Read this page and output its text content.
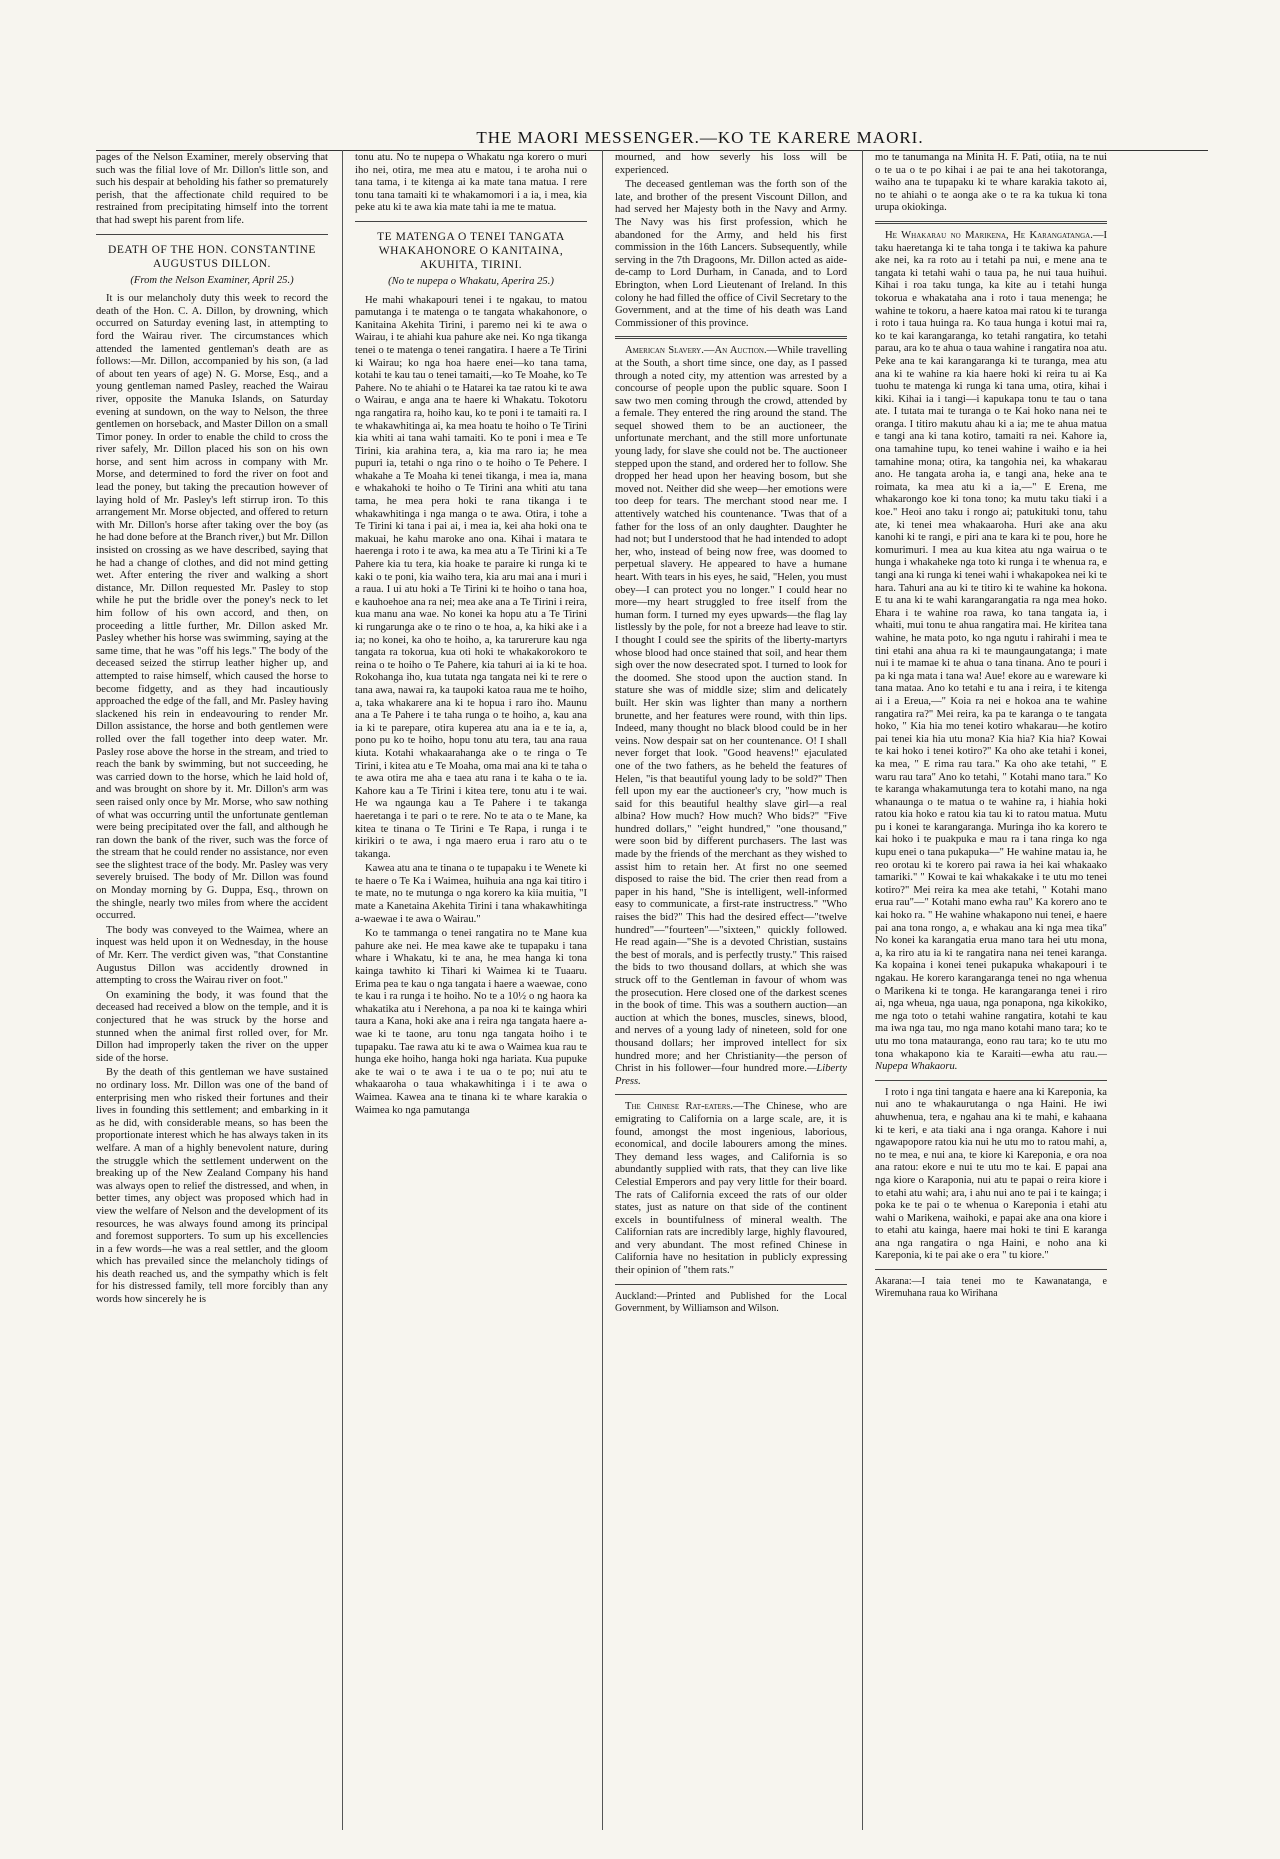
THE MAORI MESSENGER.—KO TE KARERE MAORI.

pages of the Nelson Examiner, merely observing that such was the filial love of Mr. Dillon's little son, and such his despair at beholding his father so prematurely perish, that the affectionate child required to be restrained from precipitating himself into the torrent that had swept his parent from life.

DEATH OF THE HON. CONSTANTINE AUGUSTUS DILLON.
(From the Nelson Examiner, April 25.)

It is our melancholy duty this week to record the death of the Hon. C. A. Dillon, by drowning, which occurred on Saturday evening last, in attempting to ford the Wairau river. The circumstances which attended the lamented gentleman's death are as follows:—Mr. Dillon, accompanied by his son, (a lad of about ten years of age) N. G. Morse, Esq., and a young gentleman named Pasley, reached the Wairau river, opposite the Manuka Islands, on Saturday evening at sundown, on the way to Nelson, the three gentlemen on horseback, and Master Dillon on a small Timor poney. In order to enable the child to cross the river safely, Mr. Dillon placed his son on his own horse, and sent him across in company with Mr. Morse, and determined to ford the river on foot and lead the poney, but taking the precaution however of laying hold of Mr. Pasley's left stirrup iron. To this arrangement Mr. Morse objected, and offered to return with Mr. Dillon's horse after taking over the boy (as he had done before at the Branch river,) but Mr. Dillon insisted on crossing as we have described, saying that he had a change of clothes, and did not mind getting wet. After entering the river and walking a short distance, Mr. Dillon requested Mr. Pasley to stop while he put the bridle over the poney's neck to let him follow of his own accord, and then, on proceeding a little further, Mr. Dillon asked Mr. Pasley whether his horse was swimming, saying at the same time, that he was "off his legs." The body of the deceased seized the stirrup leather higher up, and attempted to raise himself, which caused the horse to become fidgetty, and as they had incautiously approached the edge of the fall, and Mr. Pasley having slackened his rein in endeavouring to render Mr. Dillon assistance, the horse and both gentlemen were rolled over the fall together into deep water. Mr. Pasley rose above the horse in the stream, and tried to reach the bank by swimming, but not succeeding, he was carried down to the horse, which he laid hold of, and was brought on shore by it. Mr. Dillon's arm was seen raised only once by Mr. Morse, who saw nothing of what was occurring until the unfortunate gentleman were being precipitated over the fall, and although he ran down the bank of the river, such was the force of the stream that he could render no assistance, nor even see the slightest trace of the body. Mr. Pasley was very severely bruised. The body of Mr. Dillon was found on Monday morning by G. Duppa, Esq., thrown on the shingle, nearly two miles from where the accident occurred.

The body was conveyed to the Waimea, where an inquest was held upon it on Wednesday, in the house of Mr. Kerr. The verdict given was, "that Constantine Augustus Dillon was accidently drowned in attempting to cross the Wairau river on foot."

On examining the body, it was found that the deceased had received a blow on the temple, and it is conjectured that he was struck by the horse and stunned when the animal first rolled over, for Mr. Dillon had improperly taken the river on the upper side of the horse.

By the death of this gentleman we have sustained no ordinary loss. Mr. Dillon was one of the band of enterprising men who risked their fortunes and their lives in founding this settlement; and embarking in it as he did, with considerable means, so has been the proportionate interest which he has always taken in its welfare. A man of a highly benevolent nature, during the struggle which the settlement underwent on the breaking up of the New Zealand Company his hand was always open to relief the distressed, and when, in better times, any object was proposed which had in view the welfare of Nelson and the development of its resources, he was always found among its principal and foremost supporters. To sum up his excellencies in a few words—he was a real settler, and the gloom which has prevailed since the melancholy tidings of his death reached us, and the sympathy which is felt for his distressed family, tell more forcibly than any words how sincerely he is

tonu atu. No te nupepa o Whakatu nga korero o muri iho nei, otira, me mea atu e matou, i te aroha nui o tana tama, i te kitenga ai ka mate tana matua. I rere tonu tana tamaiti ki te whakamomori i a ia, i mea, kia peke atu ki te awa kia mate tahi ia me te matua.

TE MATENGA O TENEI TANGATA WHAKAHONORE O KANITAINA, AKUHITA, TIRINI.
(No te nupepa o Whakatu, Aperira 25.)

He mahi whakapouri tenei i te ngakau, to matou pamutanga i te matenga o te tangata whakahonore, o Kanitaina Akehita Tirini, i paremo nei ki te awa o Wairau, i te ahiahi kua pahure ake nei. Ko nga tikanga tenei o te matenga o tenei rangatira. I haere a Te Tirini ki Wairau; ko nga hoa haere enei—ko tana tama, kotahi te kau tau o tenei tamaiti,—ko Te Moahe, ko Te Pahere. No te ahiahi o te Hatarei ka tae ratou ki te awa o Wairau, e anga ana te haere ki Whakatu. Tokotoru nga rangatira ra, hoiho kau, ko te poni i te tamaiti ra. I te whakawhitinga ai, ka mea hoatu te hoiho o Te Tirini kia whiti ai tana wahi tamaiti. Ko te poni i mea e Te Tirini, kia arahina tera, a, kia ma raro ia; he mea pupuri ia, tetahi o nga rino o te hoiho o Te Pehere. I whakahe a Te Moaha ki tenei tikanga, i mea ia, mana e whakahoki te hoiho o Te Tirini ana whiti atu tana tama, he mea pera hoki te rana tikanga i te whakawhitinga i nga manga o te awa. Otira, i tohe a Te Tirini ki tana i pai ai, i mea ia, kei aha hoki ona te makuai, he kahu maroke ano ona. Kihai i matara te haerenga i roto i te awa, ka mea atu a Te Tirini ki a Te Pahere kia tu tera, kia hoake te paraire ki runga ki te kaki o te poni, kia waiho tera, kia aru mai ana i muri i a raua. I ui atu hoki a Te Tirini ki te hoiho o tana hoa, e kauhoehoe ana ra nei; mea ake ana a Te Tirini i reira, kua manu ana wae. No konei ka hopu atu a Te Tirini ki rungarunga ake o te rino o te hoa, a, ka hiki ake i a ia; no konei, ka oho te hoiho, a, ka tarurerure kau nga tangata ra tokorua, kua oti hoki te whakakorokoro te reina o te hoiho o Te Pahere, kia tahuri ai ia ki te hoa. Rokohanga iho, kua tutata nga tangata nei ki te rere o tana awa, nawai ra, ka taupoki katoa raua me te hoiho, a, taka whakarere ana ki te hopua i raro iho. Maunu ana a Te Pahere i te taha runga o te hoiho, a, kau ana ia ki te parepare, otira kuperea atu ana ia e te ia, a, pono pu ko te hoiho, hopu tonu atu tera, tau ana raua kiuta. Kotahi whakaarahanga ake o te ringa o Te Tirini, i kitea atu e Te Moaha, oma mai ana ki te taha o te awa otira me aha e taea atu rana i te kaha o te ia. Kahore kau a Te Tirini i kitea tere, tonu atu i te wai. He wa ngaunga kau a Te Pahere i te takanga haeretanga i te pari o te rere. No te ata o te Mane, ka kitea te tinana o Te Tirini e Te Rapa, i runga i te kirikiri o te awa, i nga maero erua i raro atu o te takanga.

Kawea atu ana te tinana o te tupapaku i te Wenete ki te haere o Te Ka i Waimea, huihuia ana nga kai titiro i te mate, no te mutunga o nga korero ka kiia muitia, "I mate a Kanetaina Akehita Tirini i tana whakawhitinga a-waewae i te awa o Wairau."

Ko te tammanga o tenei rangatira no te Mane kua pahure ake nei. He mea kawe ake te tupapaku i tana whare i Whakatu, ki te ana, he mea hanga ki tona kainga tawhito ki Tihari ki Waimea ki te Tuaaru. Erima pea te kau o nga tangata i haere a waewae, cono te kau i ra runga i te hoiho. No te a 10½ o ng haora ka whakatika atu i Nerehona, a pa noa ki te kainga whiri taura a Kana, hoki ake ana i reira nga tangata haere a-wae ki te taone, aru tonu nga tangata hoiho i te tupapaku. Tae rawa atu ki te awa o Waimea kua rau te hunga eke hoiho, hanga hoki nga hariata. Kua pupuke ake te wai o te awa i te ua o te po; nui atu te whakaaroha o taua whakawhitinga i i te awa o Waimea. Kawea ana te tinana ki te whare karakia o Waimea ko nga pamutanga

mourned, and how severly his loss will be experienced.

The deceased gentleman was the forth son of the late, and brother of the present Viscount Dillon, and had served her Majesty both in the Navy and Army. The Navy was his first profession, which he abandoned for the Army, and held his first commission in the 16th Lancers. Subsequently, while serving in the 7th Dragoons, Mr. Dillon acted as aide-de-camp to Lord Durham, in Canada, and to Lord Ebrington, when Lord Lieutenant of Ireland. In this colony he had filled the office of Civil Secretary to the Government, and at the time of his death was Land Commissioner of this province.

American Slavery.—An Auction.—While travelling at the South, a short time since, one day, as I passed through a noted city, my attention was arrested by a concourse of people upon the public square. Soon I saw two men coming through the crowd, attended by a female. They entered the ring around the stand. The sequel showed them to be an auctioneer, the unfortunate merchant, and the still more unfortunate young lady, for slave she could not be. The auctioneer stepped upon the stand, and ordered her to follow. She dropped her head upon her heaving bosom, but she moved not. Neither did she weep—her emotions were too deep for tears. The merchant stood near me. I attentively watched his countenance. 'Twas that of a father for the loss of an only daughter. Daughter he had not; but I understood that he had intended to adopt her, who, instead of being now free, was doomed to perpetual slavery. He appeared to have a humane heart. With tears in his eyes, he said, "Helen, you must obey—I can protect you no longer." I could hear no more—my heart struggled to free itself from the human form. I turned my eyes upwards—the flag lay listlessly by the pole, for not a breeze had leave to stir. I thought I could see the spirits of the liberty-martyrs whose blood had once stained that soil, and hear them sigh over the now desecrated spot. I turned to look for the doomed. She stood upon the auction stand. In stature she was of middle size; slim and delicately built. Her skin was lighter than many a northern brunette, and her features were round, with thin lips. Indeed, many thought no black blood could be in her veins. Now despair sat on her countenance. O! I shall never forget that look. "Good heavens!" ejaculated one of the two fathers, as he beheld the features of Helen, "is that beautiful young lady to be sold?" Then fell upon my ear the auctioneer's cry, "how much is said for this beautiful healthy slave girl—a real albina? How much? How much? Who bids?" "Five hundred dollars," "eight hundred," "one thousand," were soon bid by different purchasers. The last was made by the friends of the merchant as they wished to assist him to retain her. At first no one seemed disposed to raise the bid. The crier then read from a paper in his hand, "She is intelligent, well-informed easy to communicate, a first-rate instructress." "Who raises the bid?" This had the desired effect—"twelve hundred"—"fourteen"—"sixteen," quickly followed. He read again—"She is a devoted Christian, sustains the best of morals, and is perfectly trusty." This raised the bids to two thousand dollars, at which she was struck off to the Gentleman in favour of whom was the prosecution. Here closed one of the darkest scenes in the book of time. This was a southern auction—an auction at which the bones, muscles, sinews, blood, and nerves of a young lady of nineteen, sold for one thousand dollars; her improved intellect for six hundred more; and her Christianity—the person of Christ in his follower—four hundred more.—Liberty Press.

The Chinese Rat-eaters.—The Chinese, who are emigrating to California on a large scale, are, it is found, amongst the most ingenious, laborious, economical, and docile labourers among the mines. They demand less wages, and California is so abundantly supplied with rats, that they can live like Celestial Emperors and pay very little for their board. The rats of California exceed the rats of our older states, just as nature on that side of the continent excels in bountifulness of mineral wealth. The Californian rats are incredibly large, highly flavoured, and very abundant. The most refined Chinese in California have no hesitation in publicly expressing their opinion of "them rats."

Auckland:—Printed and Published for the Local Government, by Williamson and Wilson.

mo te tanumanga na Minita H. F. Pati, otiia, na te nui o te ua o te po kihai i ae pai te ana hei takotoranga, waiho ana te tupapaku ki te whare karakia takoto ai, no te ahiahi o te aonga ake o te ra ka tukua ki tona urupa okiokinga.

He Whakarau no Marikena, He Karangatanga.—I taku haeretanga ki te taha tonga i te takiwa ka pahure ake nei, ka ra roto au i tetahi pa nui, e mene ana te tangata ki tetahi wahi o taua pa, he nui taua huihui. Kihai i roa taku tunga, ka kite au i tetahi hunga tokorua e whakataha ana i roto i taua menenga; he wahine te tokoru, a haere katoa mai ratou ki te turanga i roto i taua huinga ra. Ko taua hunga i kotui mai ra, ko te kai karangaranga, ko tetahi rangatira, ko tetahi parau, ara ko te ahua o taua wahine i rangatira noa atu. Peke ana te kai karangaranga ki te turanga, mea atu ana ki te wahine ra kia haere hoki ki reira tu ai Ka tuohu te matenga ki runga ki tana uma, otira, kihai i kiki. Kihai ia i tangi—i kapukapa tonu te tau o tana ate. I tutata mai te turanga o te Kai hoko nana nei te oranga. I titiro makutu ahau ki a ia; me te ahua matua e tangi ana ki tana kotiro, tamaiti ra nei. Kahore ia, ona tamahine tupu, ko tenei wahine i waiho e ia hei tamahine mona; otira, ka tangohia nei, ka whakarau ano. He tangata aroha ia, e tangi ana, heke ana te roimata, ka mea atu ki a ia,—" E Erena, me whakarongo koe ki tona tono; ka mutu taku tiaki i a koe." Heoi ano taku i rongo ai; patukituki tonu, tahu ate, ki tenei mea whakaaroha. Huri ake ana aku kanohi ki te rangi, e piri ana te kara ki te pou, hore he komurimuri. I mea au kua kitea atu nga wairua o te hunga i whakaheke nga toto ki runga i te whenua ra, e tangi ana ki runga ki tenei wahi i whakapokea nei ki te hara. Tahuri ana au ki te titiro ki te wahine ka hokona. E tu ana ki te wahi karangarangatia ra nga mea hoko. Ehara i te wahine roa rawa, ko tana tangata ia, i whaiti, mui tonu te ahua rangatira mai. He kiritea tana wahine, he mata poto, ko nga ngutu i rahirahi i mea te tini etahi ana ahua ra ki te maungaungatanga; i mate nui i te mamae ki te ahua o tana tinana. Ano te pouri i pa ki nga mata i tana wa! Aue! ekore au e wareware ki tana mataa. Ano ko tetahi e tu ana i reira, i te kitenga ai i a Ereua,—" Koia ra nei e hokoa ana te wahine rangatira ra?" Mei reira, ka pa te karanga o te tangata hoko, " Kia hia mo tenei kotiro whakarau—he kotiro pai tenei kia hia utu mona? Kia hia? Kia hia? Kowai te kai hoko i tenei kotiro?" Ka oho ake tetahi i konei, ka mea, " E rima rau tara." Ka oho ake tetahi, " E waru rau tara" Ano ko tetahi, " Kotahi mano tara." Ko te karanga whakamutunga tera to kotahi mano, na nga whanaunga o te matua o te wahine ra, i hiahia hoki ratou kia hoko e ratou kia tau ki to ratou matua. Mutu pu i konei te karangaranga. Muringa iho ka korero te kai hoko i te puakpuka e mau ra i tana ringa ko nga kupu enei o tana pukapuka—" He wahine matau ia, he reo orotau ki te korero pai rawa ia hei kai whakaako tamariki." " Kowai te kai whakakake i te utu mo tenei kotiro?" Mei reira ka mea ake tetahi, " Kotahi mano erua rau"—" Kotahi mano ewha rau" Ka korero ano te kai hoko ra. " He wahine whakapono nui tenei, e haere pai ana tona rongo, a, e whakau ana ki nga mea tika" No konei ka karangatia erua mano tara hei utu mona, a, ka riro atu ia ki te rangatira nana nei tenei karanga. Ka kopaina i konei tenei pukapuka whakapouri i te ngakau. He korero karangaranga tenei no nga whenua o Marikena ki te tonga. He karangaranga tenei i riro ai, nga wheua, nga uaua, nga ponapona, nga kikokiko, me nga toto o tetahi wahine rangatira, kotahi te kau ma iwa nga tau, mo nga mano kotahi mano tara; ko te utu mo tona matauranga, eono rau tara; ko te utu mo tona whakapono kia te Karaiti—ewha atu rau.—Nupepa Whakaoru.

I roto i nga tini tangata e haere ana ki Kareponia, ka nui ano te whakaurutanga o nga Haini. He iwi ahuwhenua, tera, e ngahau ana ki te mahi, e kahaana ki te keri, e ata tiaki ana i nga oranga. Kahore i nui ngawapopore ratou kia nui he utu mo to ratou mahi, a, no te mea, e nui ana, te kiore ki Kareponia, e ora noa ana ratou: ekore e nui te utu mo te kai. E papai ana nga kiore o Karaponia, nui atu te papai o reira kiore i to etahi atu wahi; ara, i ahu nui ano te pai i te kainga; i poka ke te pai o te whenua o Kareponia i etahi atu wahi o Marikena, waihoki, e papai ake ana ona kiore i to etahi atu kainga, haere mai hoki te tini E karanga ana nga rangatira o nga Haini, e noho ana ki Kareponia, ki te pai ake o era " tu kiore."

Akarana:—I taia tenei mo te Kawanatanga, e Wiremuhana raua ko Wirihana
